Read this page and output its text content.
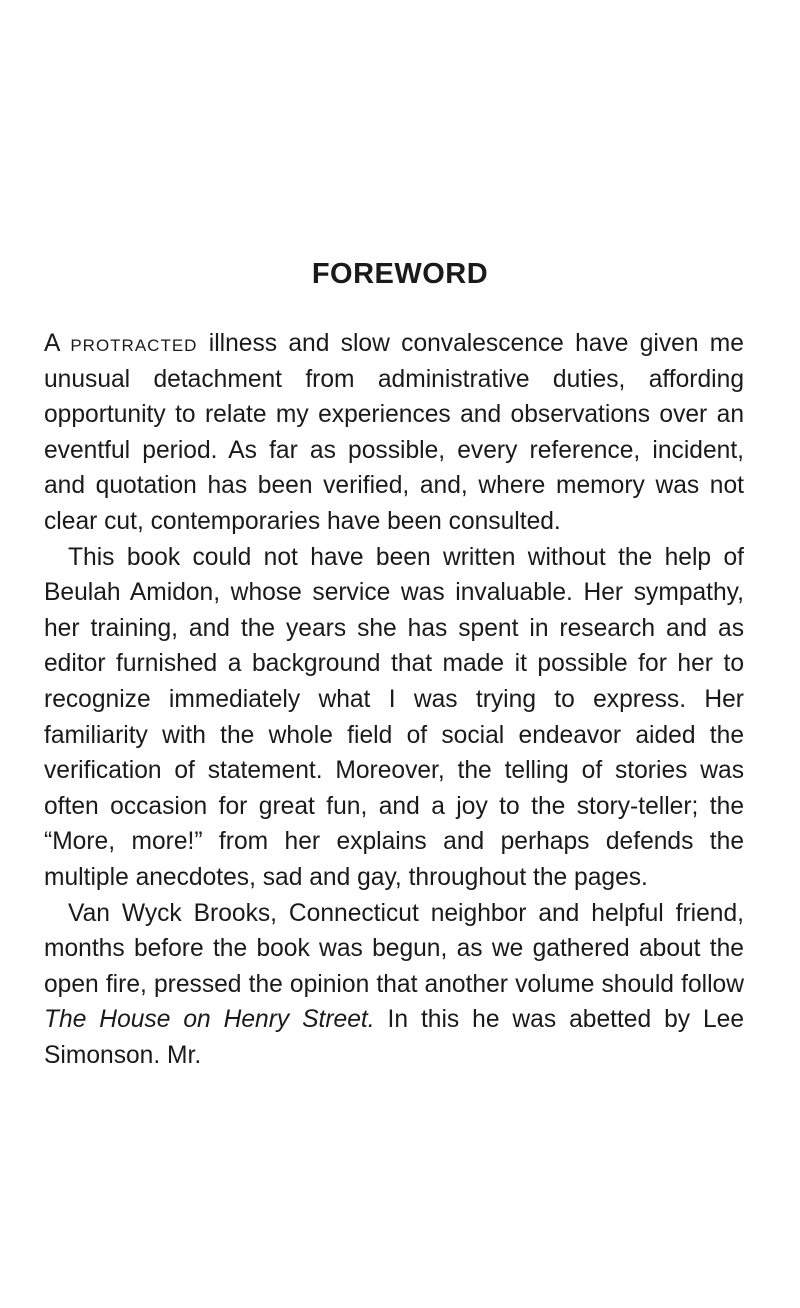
FOREWORD

A protracted illness and slow convalescence have given me unusual detachment from administrative duties, affording opportunity to relate my experiences and observations over an eventful period. As far as possible, every reference, incident, and quotation has been verified, and, where memory was not clear cut, contemporaries have been consulted.

This book could not have been written without the help of Beulah Amidon, whose service was invaluable. Her sympathy, her training, and the years she has spent in research and as editor furnished a background that made it possible for her to recognize immediately what I was trying to express. Her familiarity with the whole field of social endeavor aided the verification of statement. Moreover, the telling of stories was often occasion for great fun, and a joy to the story-teller; the “More, more!” from her explains and perhaps defends the multiple anecdotes, sad and gay, throughout the pages.

Van Wyck Brooks, Connecticut neighbor and helpful friend, months before the book was begun, as we gathered about the open fire, pressed the opinion that another volume should follow The House on Henry Street. In this he was abetted by Lee Simonson. Mr.
